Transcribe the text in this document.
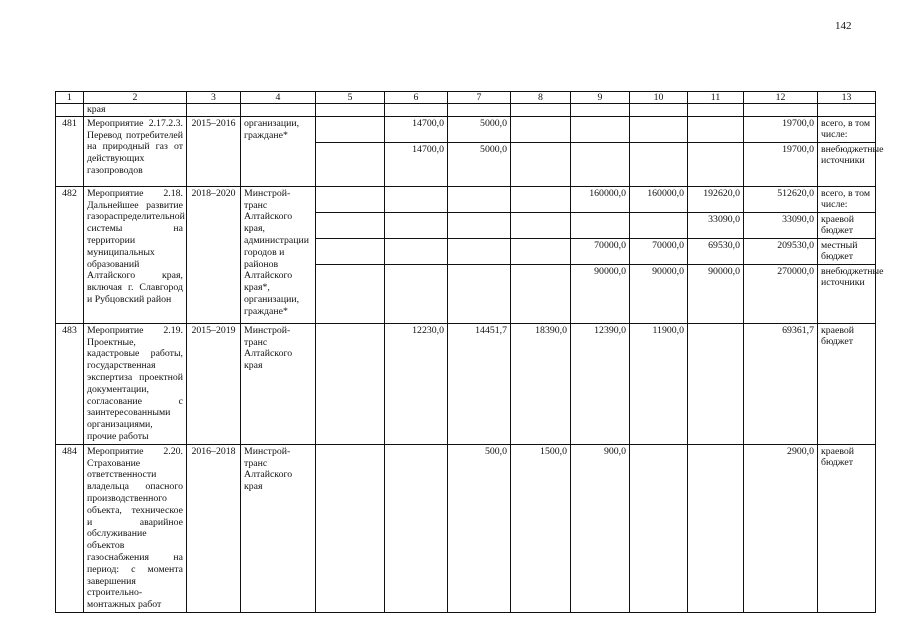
142
1	2	3	4	5	6	7	8	9	10	11	12	13
	края											
481	Мероприятие 2.17.2.3. Перевод потребителей на природный газ от действующих газопроводов	2015–2016	организации, граждане*		14700,0	5000,0					19700,0	всего, в том числе:
					14700,0	5000,0					19700,0	внебюджетные источники
482	Мероприятие 2.18. Дальнейшее развитие газораспределительной системы на территории муниципальных образований Алтайского края, включая г. Славгород и Рубцовский район	2018–2020	Минстрой-транс Алтайского края, администрации городов и районов Алтайского края*, организации, граждане*					160000,0	160000,0	192620,0	512620,0	всего, в том числе:
										33090,0	33090,0	краевой бюджет
								70000,0	70000,0	69530,0	209530,0	местный бюджет
								90000,0	90000,0	90000,0	270000,0	внебюджетные источники
483	Мероприятие 2.19. Проектные, кадастровые работы, государственная экспертиза проектной документации, согласование с заинтересованными организациями, прочие работы	2015–2019	Минстрой-транс Алтайского края		12230,0	14451,7	18390,0	12390,0	11900,0		69361,7	краевой бюджет
484	Мероприятие 2.20. Страхование ответственности владельца опасного производственного объекта, техническое и аварийное обслуживание объектов газоснабжения на период: с момента завершения строительно-монтажных работ	2016–2018	Минстрой-транс Алтайского края			500,0	1500,0	900,0			2900,0	краевой бюджет
